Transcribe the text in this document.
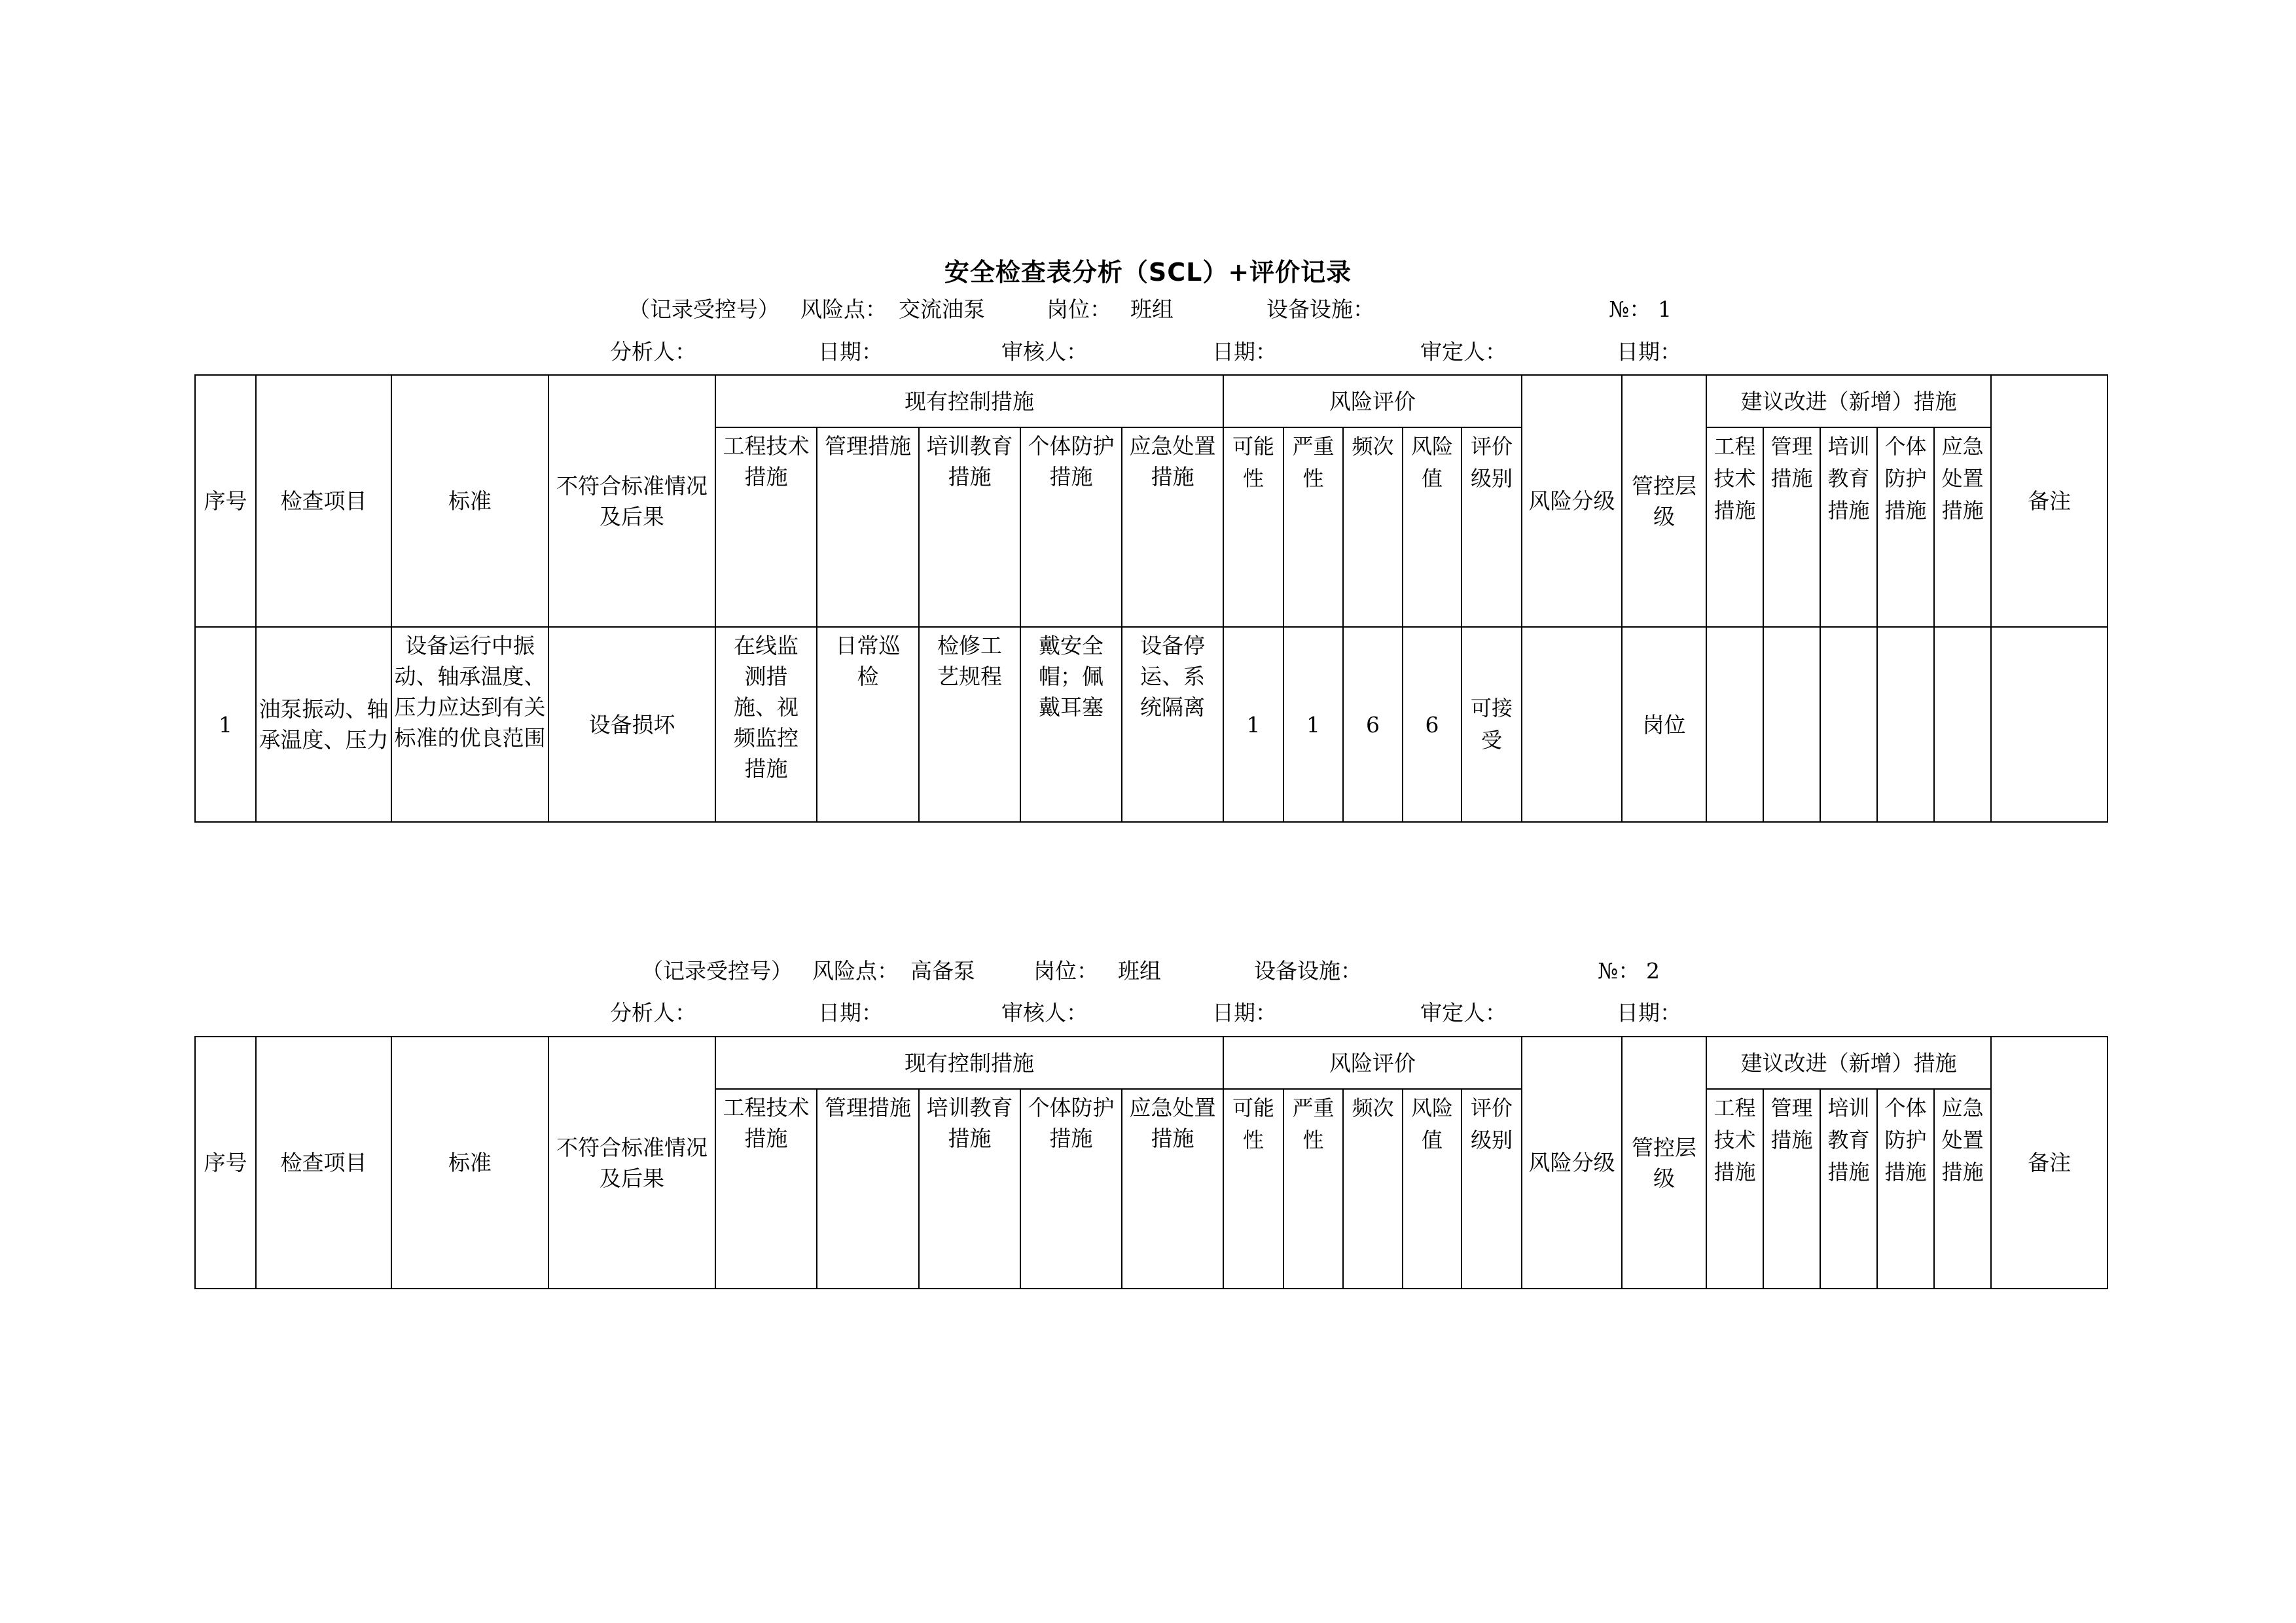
安全检查表分析（SCL）+评价记录
（记录受控号） 风险点： 交流油泵	岗位： 班组	设备设施：	№： 1
分析人：	日期：	审核人：	日期：	审定人：	日期：
序号	检查项目	标准	不符合标准情况及后果	现有控制措施					风险评价					风险分级	管控层级	建议改进（新增）措施					备注
				工程技术措施	管理措施	培训教育措施	个体防护措施	应急处置措施	可能性	严重性	频次	风险值	评价级别			工程技术措施	管理措施	培训教育措施	个体防护措施	应急处置措施	
1	油泵振动、轴承温度、压力	设备运行中振动、轴承温度、压力应达到有关标准的优良范围	设备损坏	在线监测措施、视频监控措施	日常巡检	检修工艺规程	戴安全帽；佩戴耳塞	设备停运、系统隔离	1	1	6	6	可接受		岗位						
（记录受控号） 风险点： 高备泵	岗位： 班组	设备设施：	№： 2
分析人：	日期：	审核人：	日期：	审定人：	日期：
序号	检查项目	标准	不符合标准情况及后果	现有控制措施					风险评价					风险分级	管控层级	建议改进（新增）措施					备注
				工程技术措施	管理措施	培训教育措施	个体防护措施	应急处置措施	可能性	严重性	频次	风险值	评价级别			工程技术措施	管理措施	培训教育措施	个体防护措施	应急处置措施	
